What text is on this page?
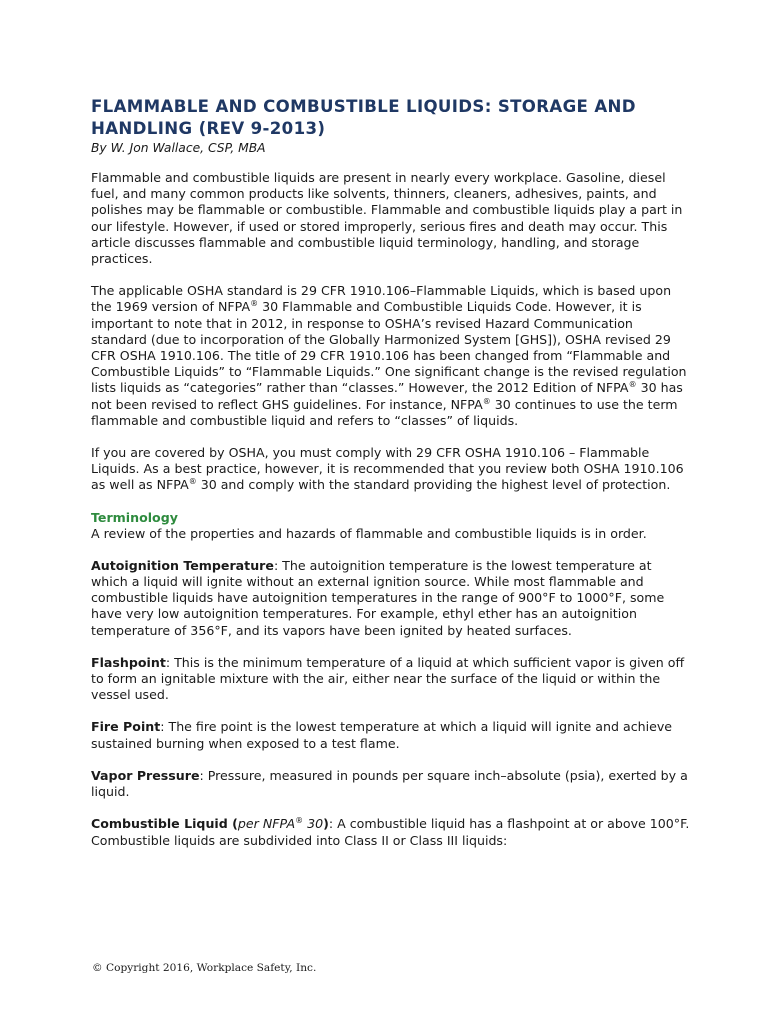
FLAMMABLE AND COMBUSTIBLE LIQUIDS: STORAGE AND HANDLING (REV 9-2013)
By W. Jon Wallace, CSP, MBA

Flammable and combustible liquids are present in nearly every workplace. Gasoline, diesel fuel, and many common products like solvents, thinners, cleaners, adhesives, paints, and polishes may be flammable or combustible. Flammable and combustible liquids play a part in our lifestyle. However, if used or stored improperly, serious fires and death may occur. This article discusses flammable and combustible liquid terminology, handling, and storage practices.

The applicable OSHA standard is 29 CFR 1910.106–Flammable Liquids, which is based upon the 1969 version of NFPA® 30 Flammable and Combustible Liquids Code. However, it is important to note that in 2012, in response to OSHA’s revised Hazard Communication standard (due to incorporation of the Globally Harmonized System [GHS]), OSHA revised 29 CFR OSHA 1910.106. The title of 29 CFR 1910.106 has been changed from “Flammable and Combustible Liquids” to “Flammable Liquids.” One significant change is the revised regulation lists liquids as “categories” rather than “classes.” However, the 2012 Edition of NFPA® 30 has not been revised to reflect GHS guidelines. For instance, NFPA® 30 continues to use the term flammable and combustible liquid and refers to “classes” of liquids.

If you are covered by OSHA, you must comply with 29 CFR OSHA 1910.106 – Flammable Liquids. As a best practice, however, it is recommended that you review both OSHA 1910.106 as well as NFPA® 30 and comply with the standard providing the highest level of protection.

Terminology

A review of the properties and hazards of flammable and combustible liquids is in order.

Autoignition Temperature: The autoignition temperature is the lowest temperature at which a liquid will ignite without an external ignition source. While most flammable and combustible liquids have autoignition temperatures in the range of 900°F to 1000°F, some have very low autoignition temperatures. For example, ethyl ether has an autoignition temperature of 356°F, and its vapors have been ignited by heated surfaces.

Flashpoint: This is the minimum temperature of a liquid at which sufficient vapor is given off to form an ignitable mixture with the air, either near the surface of the liquid or within the vessel used.

Fire Point: The fire point is the lowest temperature at which a liquid will ignite and achieve sustained burning when exposed to a test flame.

Vapor Pressure: Pressure, measured in pounds per square inch–absolute (psia), exerted by a liquid.

Combustible Liquid (per NFPA® 30): A combustible liquid has a flashpoint at or above 100°F. Combustible liquids are subdivided into Class II or Class III liquids:

© Copyright 2016, Workplace Safety, Inc.
